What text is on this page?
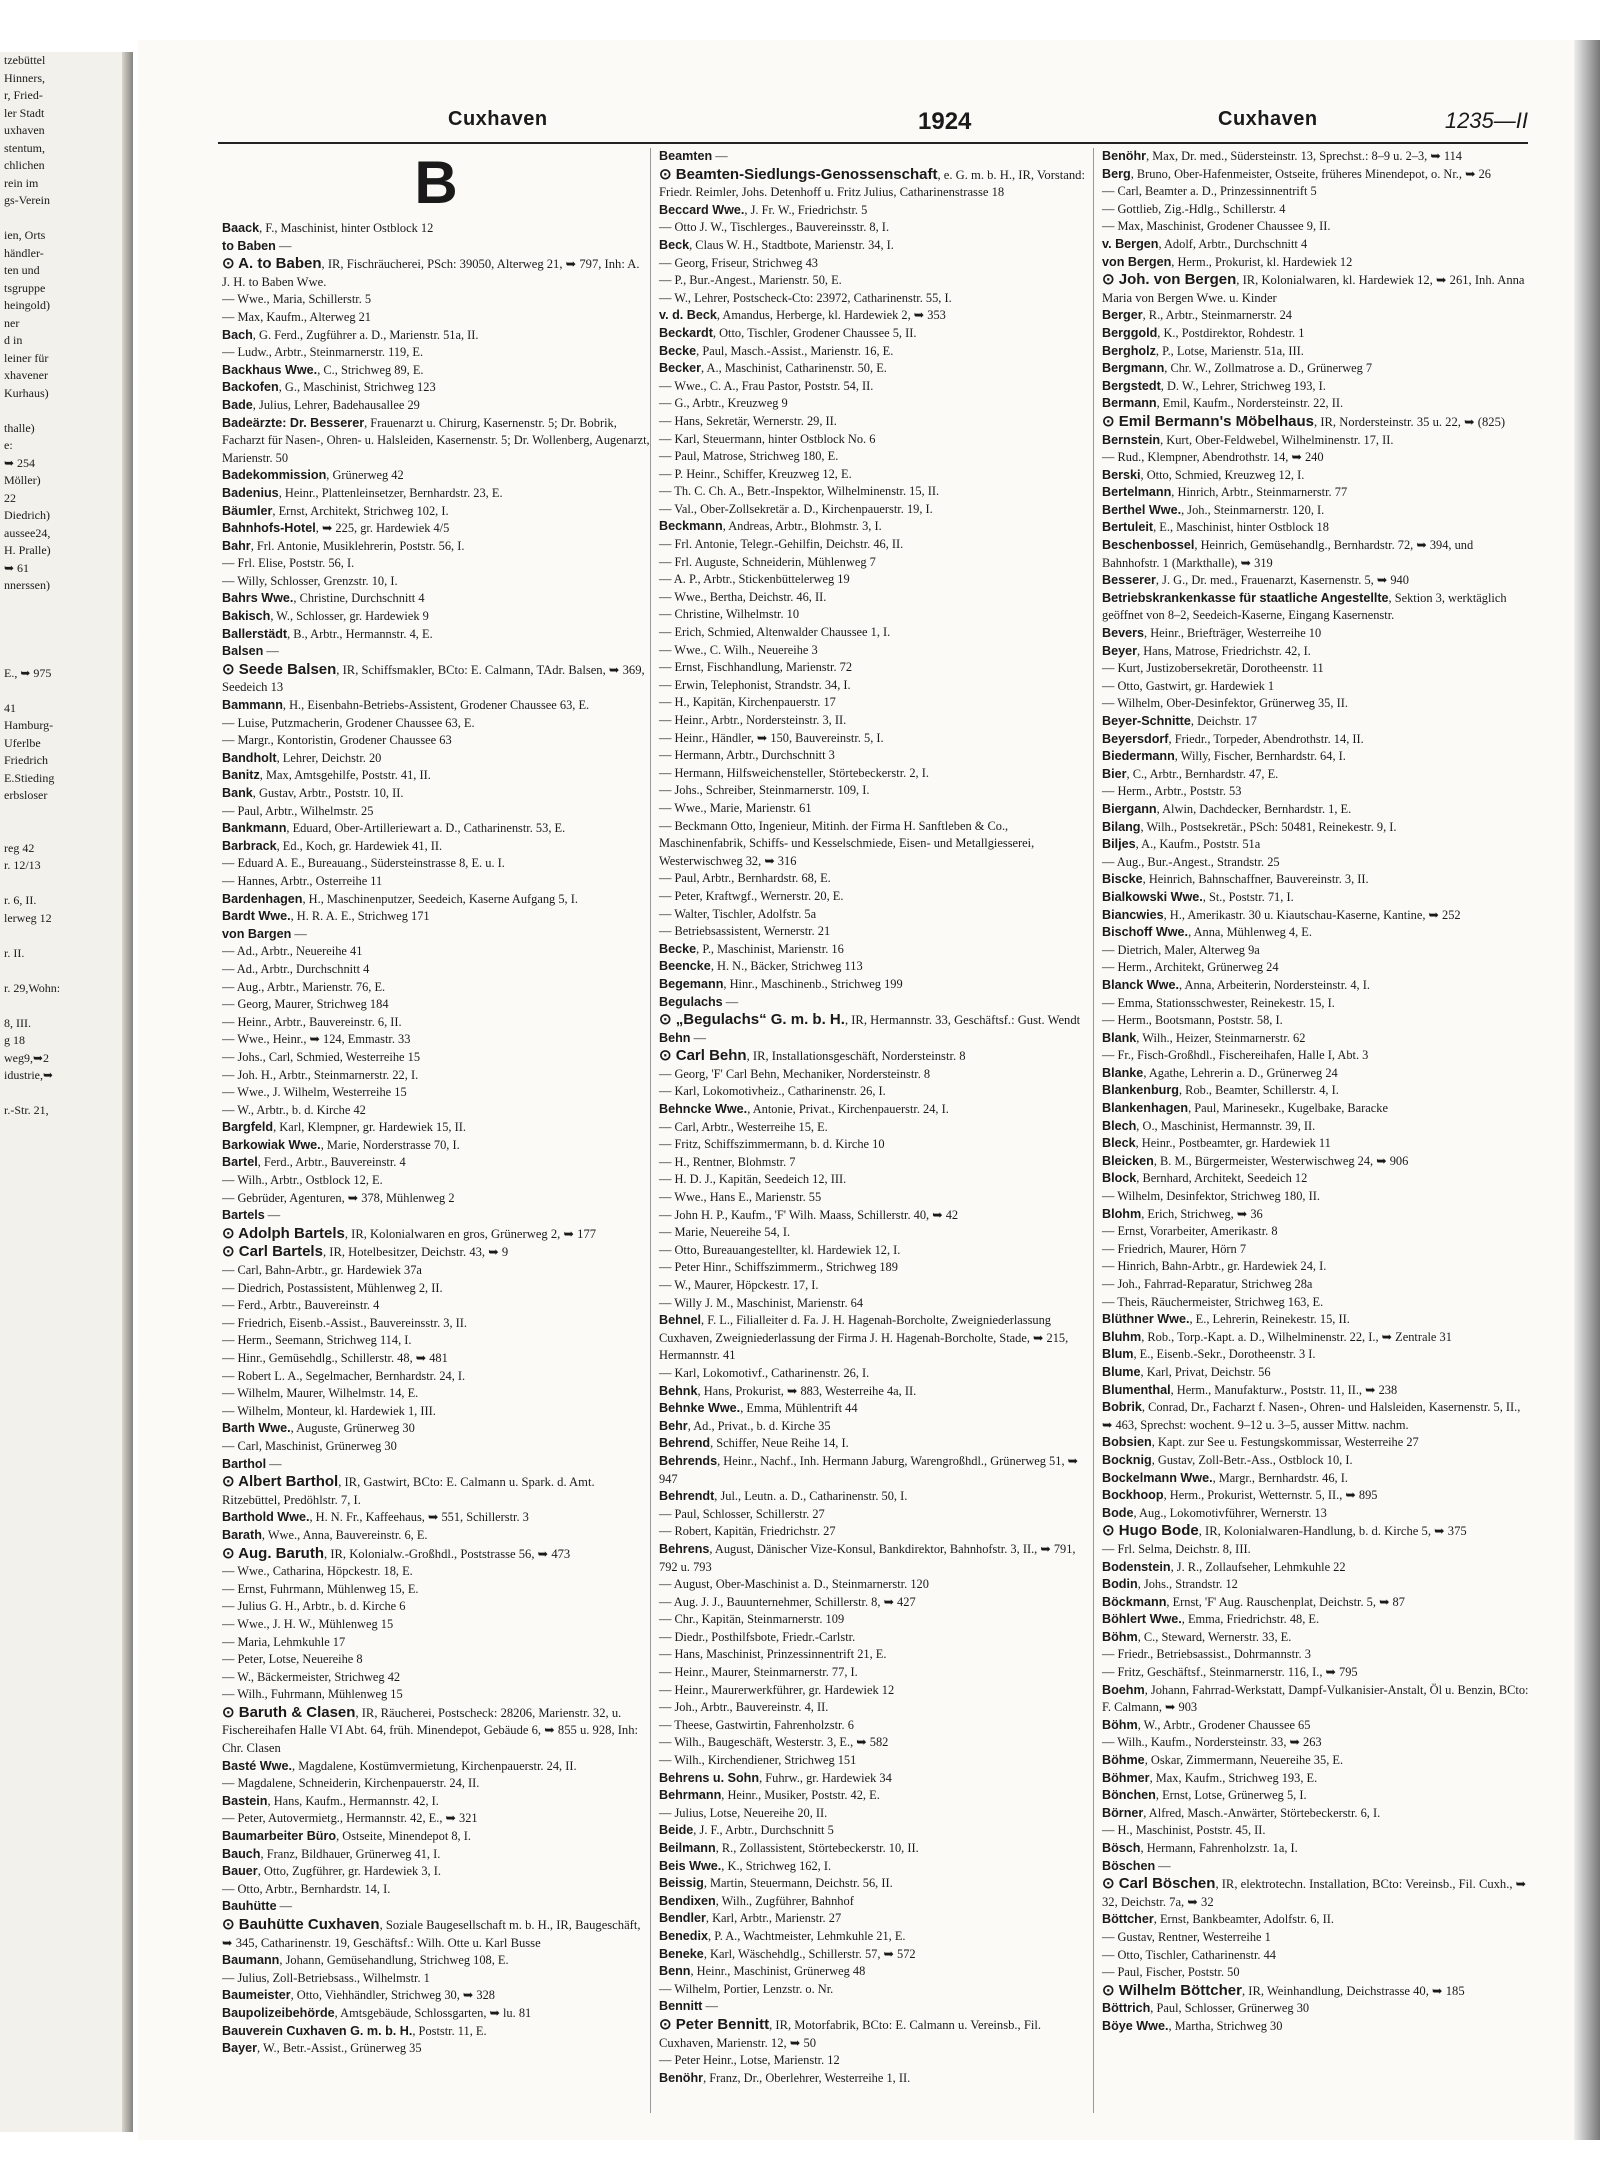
tzebüttel
Hinners,
r, Fried-
ler Stadt
uxhaven
stentum,
chlichen
rein im
gs-Verein

ien, Orts
händler-
ten und
tsgruppe
heingold)
ner
d in
leiner für
xhavener
Kurhaus)

thalle)
e:
➥ 254
Möller)
22
Diedrich)
aussee24,
H. Pralle)
➥ 61
nnerssen)

E., ➥ 975

41
Hamburg-
Uferlbe
Friedrich
E.Stieding
erbsloser

reg 42
r. 12/13

r. 6, II.
lerweg 12

r. II.

r. 29,Wohn:

8, III.
g 18
weg9,➥2
idustrie,➥

r.-Str. 21,
Cuxhaven	1924	Cuxhaven	1235—II
B
Baack, F., Maschinist, hinter Ostblock 12
to Baben —
⊙ A. to Baben, IR, Fischräucherei, PSch: 39050, Alterweg 21, ➥ 797, Inh: A. J. H. to Baben Wwe.
— Wwe., Maria, Schillerstr. 5
— Max, Kaufm., Alterweg 21
Bach, G. Ferd., Zugführer a. D., Marienstr. 51a, II.
— Ludw., Arbtr., Steinmarnerstr. 119, E.
Backhaus Wwe., C., Strichweg 89, E.
Backofen, G., Maschinist, Strichweg 123
Bade, Julius, Lehrer, Badehausallee 29
Badeärzte: Dr. Besserer, Frauenarzt u. Chirurg, Kasernenstr. 5; Dr. Bobrik, Facharzt für Nasen-, Ohren- u. Halsleiden, Kasernenstr. 5; Dr. Wollenberg, Augenarzt, Marienstr. 50
Badekommission, Grünerweg 42
Badenius, Heinr., Plattenleinsetzer, Bernhardstr. 23, E.
Bäumler, Ernst, Architekt, Strichweg 102, I.
Bahnhofs-Hotel, ➥ 225, gr. Hardewiek 4/5
Bahr, Frl. Antonie, Musiklehrerin, Poststr. 56, I.
— Frl. Elise, Poststr. 56, I.
— Willy, Schlosser, Grenzstr. 10, I.
Bahrs Wwe., Christine, Durchschnitt 4
Bakisch, W., Schlosser, gr. Hardewiek 9
Ballerstädt, B., Arbtr., Hermannstr. 4, E.
Balsen —
⊙ Seede Balsen, IR, Schiffsmakler, BCto: E. Calmann, TAdr. Balsen, ➥ 369, Seedeich 13
Bammann, H., Eisenbahn-Betriebs-Assistent, Grodener Chaussee 63, E.
— Luise, Putzmacherin, Grodener Chaussee 63, E.
— Margr., Kontoristin, Grodener Chaussee 63
Bandholt, Lehrer, Deichstr. 20
Banitz, Max, Amtsgehilfe, Poststr. 41, II.
Bank, Gustav, Arbtr., Poststr. 10, II.
— Paul, Arbtr., Wilhelmstr. 25
Bankmann, Eduard, Ober-Artilleriewart a. D., Catharinenstr. 53, E.
Barbrack, Ed., Koch, gr. Hardewiek 41, II.
— Eduard A. E., Bureauang., Südersteinstrasse 8, E. u. I.
— Hannes, Arbtr., Osterreihe 11
Bardenhagen, H., Maschinenputzer, Seedeich, Kaserne Aufgang 5, I.
Bardt Wwe., H. R. A. E., Strichweg 171
von Bargen —
— Ad., Arbtr., Neuereihe 41
— Ad., Arbtr., Durchschnitt 4
— Aug., Arbtr., Marienstr. 76, E.
— Georg, Maurer, Strichweg 184
— Heinr., Arbtr., Bauvereinstr. 6, II.
— Wwe., Heinr., ➥ 124, Emmastr. 33
— Johs., Carl, Schmied, Westerreihe 15
— Joh. H., Arbtr., Steinmarnerstr. 22, I.
— Wwe., J. Wilhelm, Westerreihe 15
— W., Arbtr., b. d. Kirche 42
Bargfeld, Karl, Klempner, gr. Hardewiek 15, II.
Barkowiak Wwe., Marie, Norderstrasse 70, I.
Bartel, Ferd., Arbtr., Bauvereinstr. 4
— Wilh., Arbtr., Ostblock 12, E.
— Gebrüder, Agenturen, ➥ 378, Mühlenweg 2
Bartels —
⊙ Adolph Bartels, IR, Kolonialwaren en gros, Grünerweg 2, ➥ 177
⊙ Carl Bartels, IR, Hotelbesitzer, Deichstr. 43, ➥ 9
— Carl, Bahn-Arbtr., gr. Hardewiek 37a
— Diedrich, Postassistent, Mühlenweg 2, II.
— Ferd., Arbtr., Bauvereinstr. 4
— Friedrich, Eisenb.-Assist., Bauvereinsstr. 3, II.
— Herm., Seemann, Strichweg 114, I.
— Hinr., Gemüsehdlg., Schillerstr. 48, ➥ 481
— Robert L. A., Segelmacher, Bernhardstr. 24, I.
— Wilhelm, Maurer, Wilhelmstr. 14, E.
— Wilhelm, Monteur, kl. Hardewiek 1, III.
Barth Wwe., Auguste, Grünerweg 30
— Carl, Maschinist, Grünerweg 30
Barthol —
⊙ Albert Barthol, IR, Gastwirt, BCto: E. Calmann u. Spark. d. Amt. Ritzebüttel, Predöhlstr. 7, I.
Barthold Wwe., H. N. Fr., Kaffeehaus, ➥ 551, Schillerstr. 3
Barath, Wwe., Anna, Bauvereinstr. 6, E.
⊙ Aug. Baruth, IR, Kolonialw.-Großhdl., Poststrasse 56, ➥ 473
— Wwe., Catharina, Höpckestr. 18, E.
— Ernst, Fuhrmann, Mühlenweg 15, E.
— Julius G. H., Arbtr., b. d. Kirche 6
— Wwe., J. H. W., Mühlenweg 15
— Maria, Lehmkuhle 17
— Peter, Lotse, Neuereihe 8
— W., Bäckermeister, Strichweg 42
— Wilh., Fuhrmann, Mühlenweg 15
⊙ Baruth & Clasen, IR, Räucherei, Postscheck: 28206, Marienstr. 32, u. Fischereihafen Halle VI Abt. 64, früh. Minendepot, Gebäude 6, ➥ 855 u. 928, Inh: Chr. Clasen
Basté Wwe., Magdalene, Kostümvermietung, Kirchenpauerstr. 24, II.
— Magdalene, Schneiderin, Kirchenpauerstr. 24, II.
Bastein, Hans, Kaufm., Hermannstr. 42, I.
— Peter, Autovermietg., Hermannstr. 42, E., ➥ 321
Baumarbeiter Büro, Ostseite, Minendepot 8, I.
Bauch, Franz, Bildhauer, Grünerweg 41, I.
Bauer, Otto, Zugführer, gr. Hardewiek 3, I.
— Otto, Arbtr., Bernhardstr. 14, I.
Bauhütte —
⊙ Bauhütte Cuxhaven, Soziale Baugesellschaft m. b. H., IR, Baugeschäft, ➥ 345, Catharinenstr. 19, Geschäftsf.: Wilh. Otte u. Karl Busse
Baumann, Johann, Gemüsehandlung, Strichweg 108, E.
— Julius, Zoll-Betriebsass., Wilhelmstr. 1
Baumeister, Otto, Viehhändler, Strichweg 30, ➥ 328
Baupolizeibehörde, Amtsgebäude, Schlossgarten, ➥ lu. 81
Bauverein Cuxhaven G. m. b. H., Poststr. 11, E.
Bayer, W., Betr.-Assist., Grünerweg 35
Beamten —
⊙ Beamten-Siedlungs-Genossenschaft, e. G. m. b. H., IR, Vorstand: Friedr. Reimler, Johs. Detenhoff u. Fritz Julius, Catharinenstrasse 18
Beccard Wwe., J. Fr. W., Friedrichstr. 5
— Otto J. W., Tischlerges., Bauvereinsstr. 8, I.
Beck, Claus W. H., Stadtbote, Marienstr. 34, I.
— Georg, Friseur, Strichweg 43
— P., Bur.-Angest., Marienstr. 50, E.
— W., Lehrer, Postscheck-Cto: 23972, Catharinenstr. 55, I.
v. d. Beck, Amandus, Herberge, kl. Hardewiek 2, ➥ 353
Beckardt, Otto, Tischler, Grodener Chaussee 5, II.
Becke, Paul, Masch.-Assist., Marienstr. 16, E.
Becker, A., Maschinist, Catharinenstr. 50, E.
— Wwe., C. A., Frau Pastor, Poststr. 54, II.
— G., Arbtr., Kreuzweg 9
— Hans, Sekretär, Wernerstr. 29, II.
— Karl, Steuermann, hinter Ostblock No. 6
— Paul, Matrose, Strichweg 180, E.
— P. Heinr., Schiffer, Kreuzweg 12, E.
— Th. C. Ch. A., Betr.-Inspektor, Wilhelminenstr. 15, II.
— Val., Ober-Zollsekretär a. D., Kirchenpauerstr. 19, I.
Beckmann, Andreas, Arbtr., Blohmstr. 3, I.
— Frl. Antonie, Telegr.-Gehilfin, Deichstr. 46, II.
— Frl. Auguste, Schneiderin, Mühlenweg 7
— A. P., Arbtr., Stickenbüttelerweg 19
— Wwe., Bertha, Deichstr. 46, II.
— Christine, Wilhelmstr. 10
— Erich, Schmied, Altenwalder Chaussee 1, I.
— Wwe., C. Wilh., Neuereihe 3
— Ernst, Fischhandlung, Marienstr. 72
— Erwin, Telephonist, Strandstr. 34, I.
— H., Kapitän, Kirchenpauerstr. 17
— Heinr., Arbtr., Nordersteinstr. 3, II.
— Heinr., Händler, ➥ 150, Bauvereinstr. 5, I.
— Hermann, Arbtr., Durchschnitt 3
— Hermann, Hilfsweichensteller, Störtebeckerstr. 2, I.
— Johs., Schreiber, Steinmarnerstr. 109, I.
— Wwe., Marie, Marienstr. 61
— Beckmann Otto, Ingenieur, Mitinh. der Firma H. Sanftleben & Co., Maschinenfabrik, Schiffs- und Kesselschmiede, Eisen- und Metallgiesserei, Westerwischweg 32, ➥ 316
— Paul, Arbtr., Bernhardstr. 68, E.
— Peter, Kraftwgf., Wernerstr. 20, E.
— Walter, Tischler, Adolfstr. 5a
— Betriebsassistent, Wernerstr. 21
Becke, P., Maschinist, Marienstr. 16
Beencke, H. N., Bäcker, Strichweg 113
Begemann, Hinr., Maschinenb., Strichweg 199
Begulachs —
⊙ „Begulachs“ G. m. b. H., IR, Hermannstr. 33, Geschäftsf.: Gust. Wendt
Behn —
⊙ Carl Behn, IR, Installationsgeschäft, Nordersteinstr. 8
— Georg, 'F' Carl Behn, Mechaniker, Nordersteinstr. 8
— Karl, Lokomotivheiz., Catharinenstr. 26, I.
Behncke Wwe., Antonie, Privat., Kirchenpauerstr. 24, I.
— Carl, Arbtr., Westerreihe 15, E.
— Fritz, Schiffszimmermann, b. d. Kirche 10
— H., Rentner, Blohmstr. 7
— H. D. J., Kapitän, Seedeich 12, III.
— Wwe., Hans E., Marienstr. 55
— John H. P., Kaufm., 'F' Wilh. Maass, Schillerstr. 40, ➥ 42
— Marie, Neuereihe 54, I.
— Otto, Bureauangestellter, kl. Hardewiek 12, I.
— Peter Hinr., Schiffszimmerm., Strichweg 189
— W., Maurer, Höpckestr. 17, I.
— Willy J. M., Maschinist, Marienstr. 64
Behnel, F. L., Filialleiter d. Fa. J. H. Hagenah-Borcholte, Zweigniederlassung Cuxhaven, Zweigniederlassung der Firma J. H. Hagenah-Borcholte, Stade, ➥ 215, Hermannstr. 41
— Karl, Lokomotivf., Catharinenstr. 26, I.
Behnk, Hans, Prokurist, ➥ 883, Westerreihe 4a, II.
Behnke Wwe., Emma, Mühlentrift 44
Behr, Ad., Privat., b. d. Kirche 35
Behrend, Schiffer, Neue Reihe 14, I.
Behrends, Heinr., Nachf., Inh. Hermann Jaburg, Warengroßhdl., Grünerweg 51, ➥ 947
Behrendt, Jul., Leutn. a. D., Catharinenstr. 50, I.
— Paul, Schlosser, Schillerstr. 27
— Robert, Kapitän, Friedrichstr. 27
Behrens, August, Dänischer Vize-Konsul, Bankdirektor, Bahnhofstr. 3, II., ➥ 791, 792 u. 793
— August, Ober-Maschinist a. D., Steinmarnerstr. 120
— Aug. J. J., Bauunternehmer, Schillerstr. 8, ➥ 427
— Chr., Kapitän, Steinmarnerstr. 109
— Diedr., Posthilfsbote, Friedr.-Carlstr.
— Hans, Maschinist, Prinzessinnentrift 21, E.
— Heinr., Maurer, Steinmarnerstr. 77, I.
— Heinr., Maurerwerkführer, gr. Hardewiek 12
— Joh., Arbtr., Bauvereinstr. 4, II.
— Theese, Gastwirtin, Fahrenholzstr. 6
— Wilh., Baugeschäft, Westerstr. 3, E., ➥ 582
— Wilh., Kirchendiener, Strichweg 151
Behrens u. Sohn, Fuhrw., gr. Hardewiek 34
Behrmann, Heinr., Musiker, Poststr. 42, E.
— Julius, Lotse, Neuereihe 20, II.
Beide, J. F., Arbtr., Durchschnitt 5
Beilmann, R., Zollassistent, Störtebeckerstr. 10, II.
Beis Wwe., K., Strichweg 162, I.
Beissig, Martin, Steuermann, Deichstr. 56, II.
Bendixen, Wilh., Zugführer, Bahnhof
Bendler, Karl, Arbtr., Marienstr. 27
Benedix, P. A., Wachtmeister, Lehmkuhle 21, E.
Beneke, Karl, Wäschehdlg., Schillerstr. 57, ➥ 572
Benn, Heinr., Maschinist, Grünerweg 48
— Wilhelm, Portier, Lenzstr. o. Nr.
Bennitt —
⊙ Peter Bennitt, IR, Motorfabrik, BCto: E. Calmann u. Vereinsb., Fil. Cuxhaven, Marienstr. 12, ➥ 50
— Peter Heinr., Lotse, Marienstr. 12
Benöhr, Franz, Dr., Oberlehrer, Westerreihe 1, II.
Benöhr, Max, Dr. med., Südersteinstr. 13, Sprechst.: 8–9 u. 2–3, ➥ 114
Berg, Bruno, Ober-Hafenmeister, Ostseite, früheres Minendepot, o. Nr., ➥ 26
— Carl, Beamter a. D., Prinzessinnentrift 5
— Gottlieb, Zig.-Hdlg., Schillerstr. 4
— Max, Maschinist, Grodener Chaussee 9, II.
v. Bergen, Adolf, Arbtr., Durchschnitt 4
von Bergen, Herm., Prokurist, kl. Hardewiek 12
⊙ Joh. von Bergen, IR, Kolonialwaren, kl. Hardewiek 12, ➥ 261, Inh. Anna Maria von Bergen Wwe. u. Kinder
Berger, R., Arbtr., Steinmarnerstr. 24
Berggold, K., Postdirektor, Rohdestr. 1
Bergholz, P., Lotse, Marienstr. 51a, III.
Bergmann, Chr. W., Zollmatrose a. D., Grünerweg 7
Bergstedt, D. W., Lehrer, Strichweg 193, I.
Bermann, Emil, Kaufm., Nordersteinstr. 22, II.
⊙ Emil Bermann's Möbelhaus, IR, Nordersteinstr. 35 u. 22, ➥ (825)
Bernstein, Kurt, Ober-Feldwebel, Wilhelminenstr. 17, II.
— Rud., Klempner, Abendrothstr. 14, ➥ 240
Berski, Otto, Schmied, Kreuzweg 12, I.
Bertelmann, Hinrich, Arbtr., Steinmarnerstr. 77
Berthel Wwe., Joh., Steinmarnerstr. 120, I.
Bertuleit, E., Maschinist, hinter Ostblock 18
Beschenbossel, Heinrich, Gemüsehandlg., Bernhardstr. 72, ➥ 394, und Bahnhofstr. 1 (Markthalle), ➥ 319
Besserer, J. G., Dr. med., Frauenarzt, Kasernenstr. 5, ➥ 940
Betriebskrankenkasse für staatliche Angestellte, Sektion 3, werktäglich geöffnet von 8–2, Seedeich-Kaserne, Eingang Kasernenstr.
Bevers, Heinr., Briefträger, Westerreihe 10
Beyer, Hans, Matrose, Friedrichstr. 42, I.
— Kurt, Justizobersekretär, Dorotheenstr. 11
— Otto, Gastwirt, gr. Hardewiek 1
— Wilhelm, Ober-Desinfektor, Grünerweg 35, II.
Beyer-Schnitte, Deichstr. 17
Beyersdorf, Friedr., Torpeder, Abendrothstr. 14, II.
Biedermann, Willy, Fischer, Bernhardstr. 64, I.
Bier, C., Arbtr., Bernhardstr. 47, E.
— Herm., Arbtr., Poststr. 53
Biergann, Alwin, Dachdecker, Bernhardstr. 1, E.
Bilang, Wilh., Postsekretär., PSch: 50481, Reinekestr. 9, I.
Biljes, A., Kaufm., Poststr. 51a
— Aug., Bur.-Angest., Strandstr. 25
Biscke, Heinrich, Bahnschaffner, Bauvereinstr. 3, II.
Bialkowski Wwe., St., Poststr. 71, I.
Biancwies, H., Amerikastr. 30 u. Kiautschau-Kaserne, Kantine, ➥ 252
Bischoff Wwe., Anna, Mühlenweg 4, E.
— Dietrich, Maler, Alterweg 9a
— Herm., Architekt, Grünerweg 24
Blanck Wwe., Anna, Arbeiterin, Nordersteinstr. 4, I.
— Emma, Stationsschwester, Reinekestr. 15, I.
— Herm., Bootsmann, Poststr. 58, I.
Blank, Wilh., Heizer, Steinmarnerstr. 62
— Fr., Fisch-Großhdl., Fischereihafen, Halle I, Abt. 3
Blanke, Agathe, Lehrerin a. D., Grünerweg 24
Blankenburg, Rob., Beamter, Schillerstr. 4, I.
Blankenhagen, Paul, Marinesekr., Kugelbake, Baracke
Blech, O., Maschinist, Hermannstr. 39, II.
Bleck, Heinr., Postbeamter, gr. Hardewiek 11
Bleicken, B. M., Bürgermeister, Westerwischweg 24, ➥ 906
Block, Bernhard, Architekt, Seedeich 12
— Wilhelm, Desinfektor, Strichweg 180, II.
Blohm, Erich, Strichweg, ➥ 36
— Ernst, Vorarbeiter, Amerikastr. 8
— Friedrich, Maurer, Hörn 7
— Hinrich, Bahn-Arbtr., gr. Hardewiek 24, I.
— Joh., Fahrrad-Reparatur, Strichweg 28a
— Theis, Räuchermeister, Strichweg 163, E.
Blüthner Wwe., E., Lehrerin, Reinekestr. 15, II.
Bluhm, Rob., Torp.-Kapt. a. D., Wilhelminenstr. 22, I., ➥ Zentrale 31
Blum, E., Eisenb.-Sekr., Dorotheenstr. 3 I.
Blume, Karl, Privat, Deichstr. 56
Blumenthal, Herm., Manufakturw., Poststr. 11, II., ➥ 238
Bobrik, Conrad, Dr., Facharzt f. Nasen-, Ohren- und Halsleiden, Kasernenstr. 5, II., ➥ 463, Sprechst: wochent. 9–12 u. 3–5, ausser Mittw. nachm.
Bobsien, Kapt. zur See u. Festungskommissar, Westerreihe 27
Bocknig, Gustav, Zoll-Betr.-Ass., Ostblock 10, I.
Bockelmann Wwe., Margr., Bernhardstr. 46, I.
Bockhoop, Herm., Prokurist, Wetternstr. 5, II., ➥ 895
Bode, Aug., Lokomotivführer, Wernerstr. 13
⊙ Hugo Bode, IR, Kolonialwaren-Handlung, b. d. Kirche 5, ➥ 375
— Frl. Selma, Deichstr. 8, III.
Bodenstein, J. R., Zollaufseher, Lehmkuhle 22
Bodin, Johs., Strandstr. 12
Böckmann, Ernst, 'F' Aug. Rauschenplat, Deichstr. 5, ➥ 87
Böhlert Wwe., Emma, Friedrichstr. 48, E.
Böhm, C., Steward, Wernerstr. 33, E.
— Friedr., Betriebsassist., Dohrmannstr. 3
— Fritz, Geschäftsf., Steinmarnerstr. 116, I., ➥ 795
Boehm, Johann, Fahrrad-Werkstatt, Dampf-Vulkanisier-Anstalt, Öl u. Benzin, BCto: F. Calmann, ➥ 903
Böhm, W., Arbtr., Grodener Chaussee 65
— Wilh., Kaufm., Nordersteinstr. 33, ➥ 263
Böhme, Oskar, Zimmermann, Neuereihe 35, E.
Böhmer, Max, Kaufm., Strichweg 193, E.
Bönchen, Ernst, Lotse, Grünerweg 5, I.
Börner, Alfred, Masch.-Anwärter, Störtebeckerstr. 6, I.
— H., Maschinist, Poststr. 45, II.
Bösch, Hermann, Fahrenholzstr. 1a, I.
Böschen —
⊙ Carl Böschen, IR, elektrotechn. Installation, BCto: Vereinsb., Fil. Cuxh., ➥ 32, Deichstr. 7a, ➥ 32
Böttcher, Ernst, Bankbeamter, Adolfstr. 6, II.
— Gustav, Rentner, Westerreihe 1
— Otto, Tischler, Catharinenstr. 44
— Paul, Fischer, Poststr. 50
⊙ Wilhelm Böttcher, IR, Weinhandlung, Deichstrasse 40, ➥ 185
Böttrich, Paul, Schlosser, Grünerweg 30
Böye Wwe., Martha, Strichweg 30
